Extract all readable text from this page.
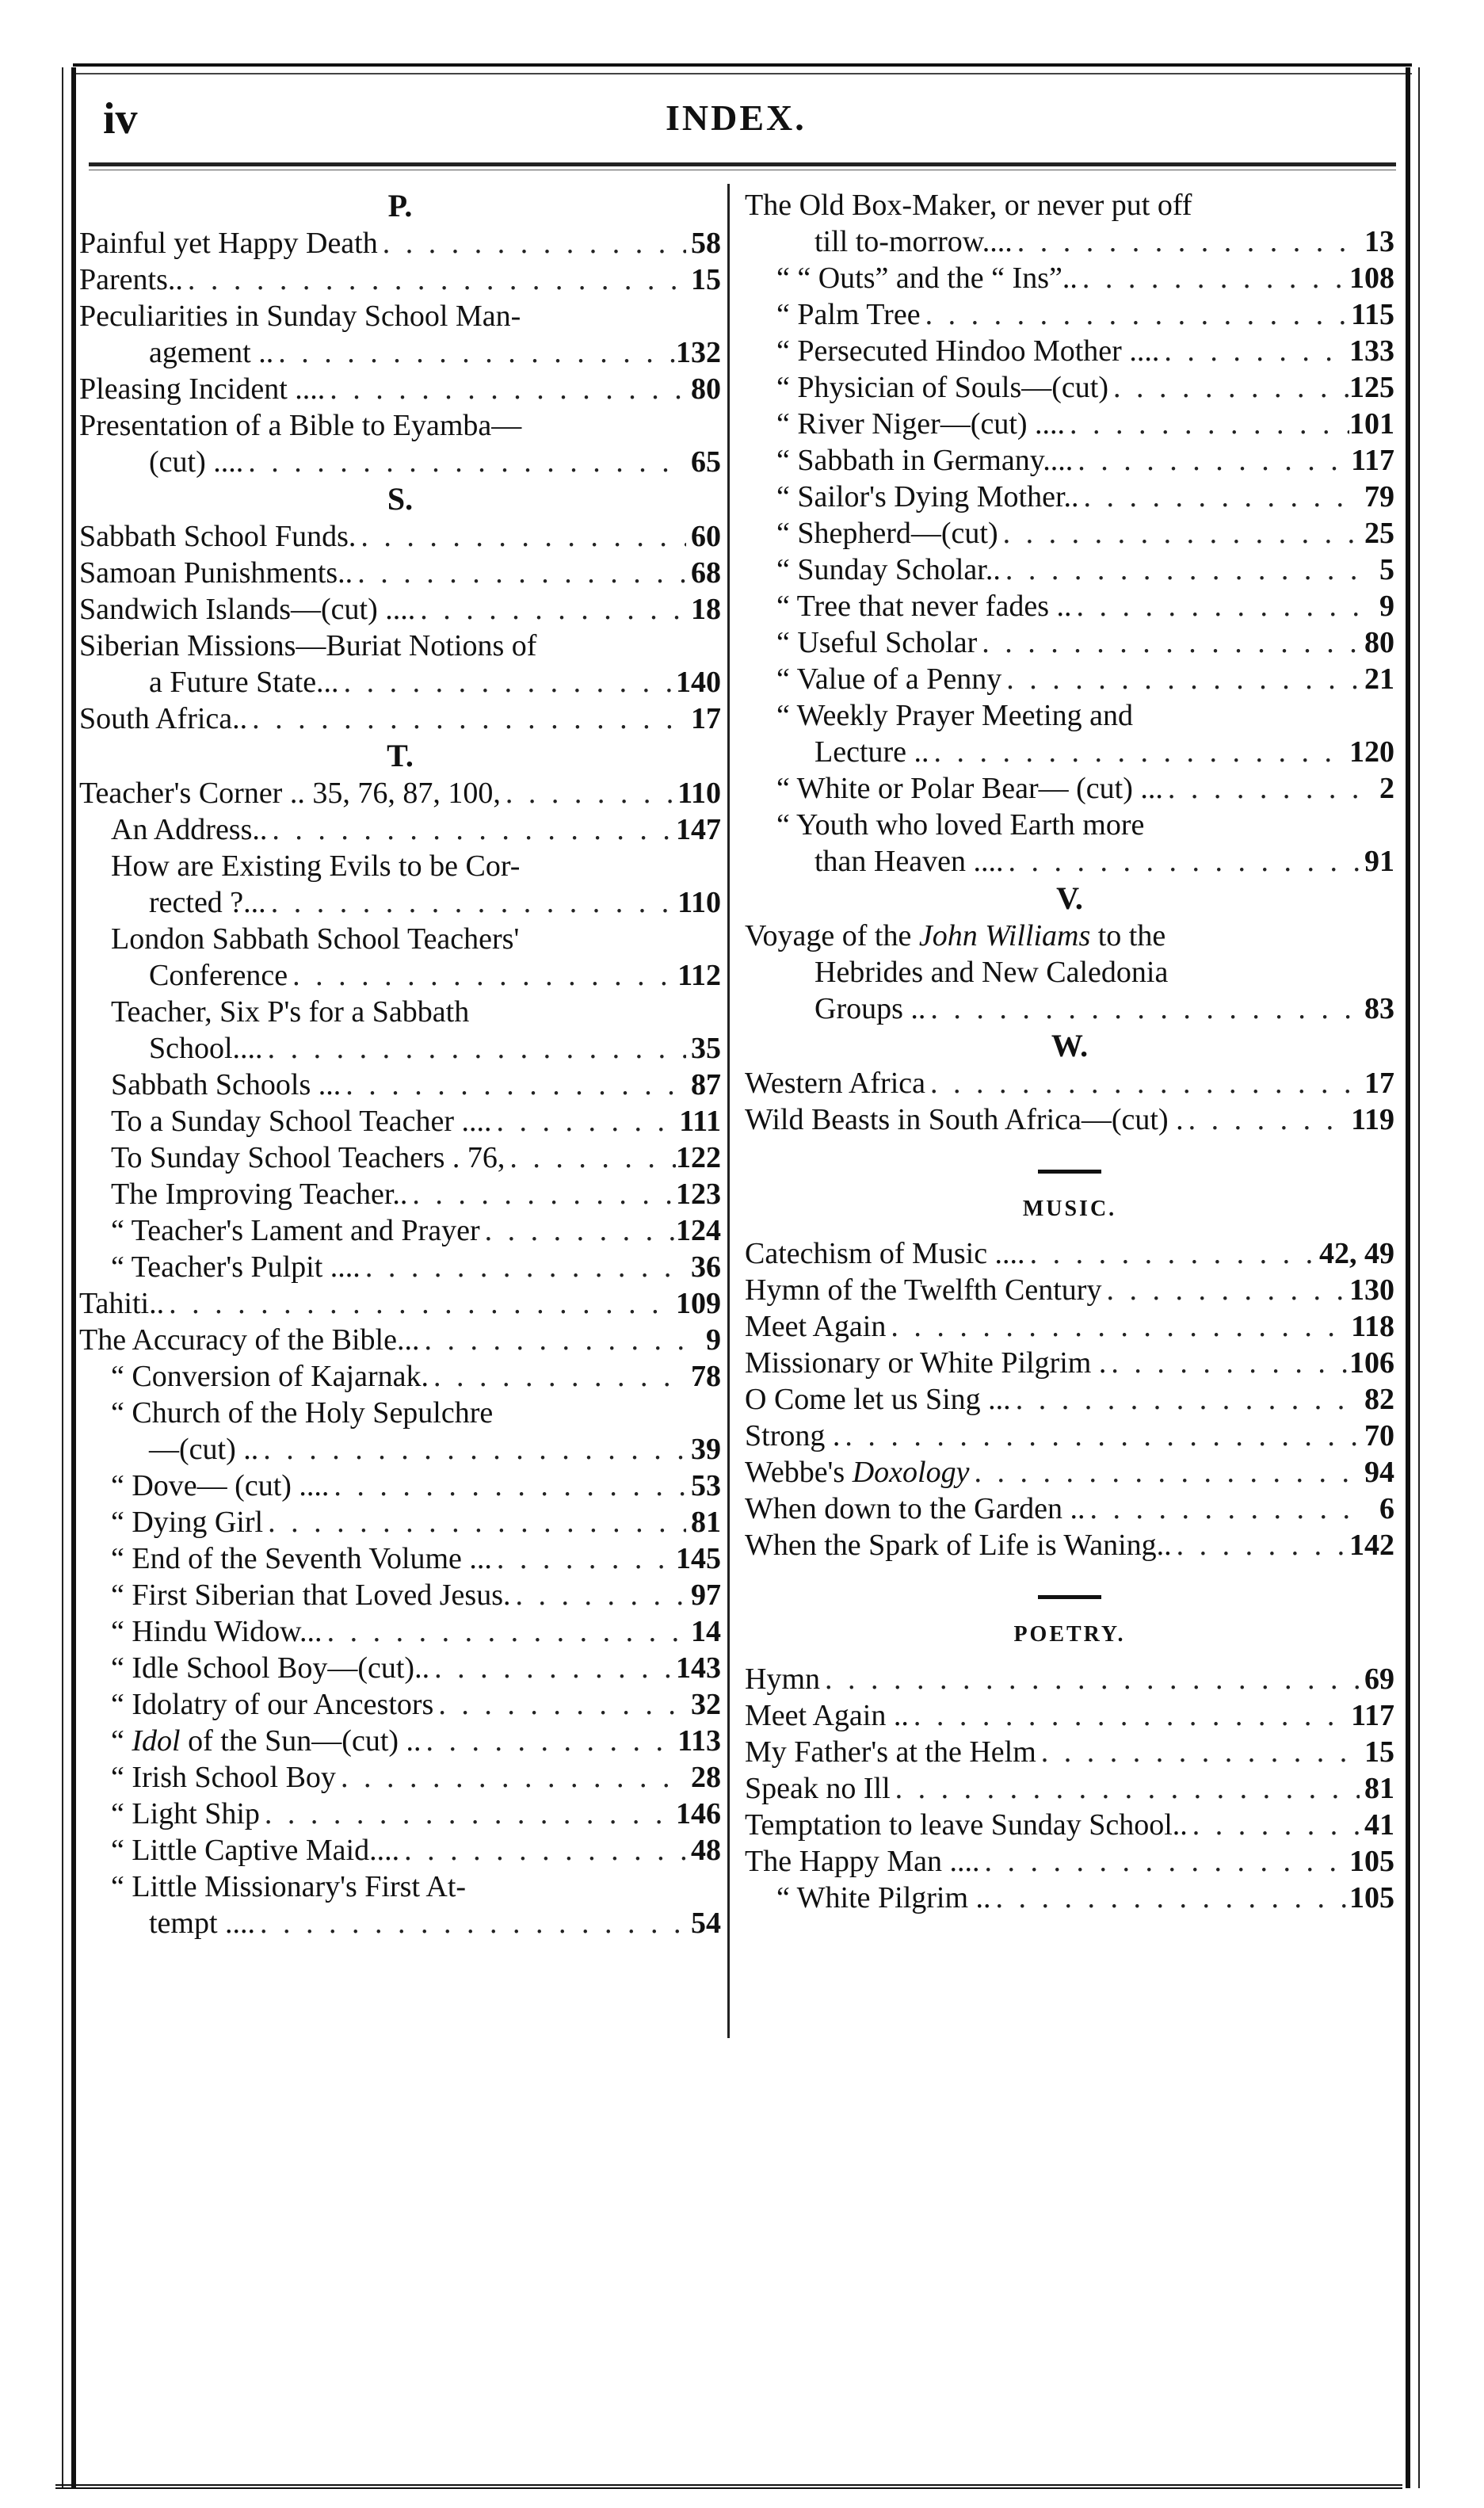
iv	INDEX.
P.
Painful yet Happy Death . . .	58
Parents.. . . .	15
Peculiarities in Sunday School Man-
agement .. . . .	132
Pleasing Incident .... . . .	80
Presentation of a Bible to Eyamba—
(cut) .... . . .	65
S.
Sabbath School Funds. . . .	60
Samoan Punishments.. . . .	68
Sandwich Islands—(cut) .... . . .	18
Siberian Missions—Buriat Notions of
a Future State... . . .	140
South Africa.. . . .	17
T.
Teacher's Corner .. 35, 76, 87, 100, . . .	110
An Address.. . . .	147
How are Existing Evils to be Cor-
rected ?... . . .	110
London Sabbath School Teachers'
Conference . . .	112
Teacher, Six P's for a Sabbath
School.... . . .	35
Sabbath Schools ... . . .	87
To a Sunday School Teacher .... . . .	111
To Sunday School Teachers . 76, . . .	122
The Improving Teacher.. . . .	123
“ Teacher's Lament and Prayer . . .	124
“ Teacher's Pulpit .... . . .	36
Tahiti.. . . .	109
The Accuracy of the Bible... . . .	9
“ Conversion of Kajarnak. . . .	78
“ Church of the Holy Sepulchre
—(cut) .. . . .	39
“ Dove— (cut) .... . . .	53
“ Dying Girl . . .	81
“ End of the Seventh Volume ... . . .	145
“ First Siberian that Loved Jesus. . . .	97
“ Hindu Widow... . . .	14
“ Idle School Boy—(cut).. . . .	143
“ Idolatry of our Ancestors . . .	32
“ Idol of the Sun—(cut) .. . . .	113
“ Irish School Boy . . .	28
“ Light Ship . . .	146
“ Little Captive Maid.... . . .	48
“ Little Missionary's First At-
tempt .... . . .	54
The Old Box-Maker, or never put off
till to-morrow.... . . .	13
“ “ Outs” and the “ Ins”.. . . .	108
“ Palm Tree . . .	115
“ Persecuted Hindoo Mother .... . . .	133
“ Physician of Souls—(cut) . . .	125
“ River Niger—(cut) .... . . .	101
“ Sabbath in Germany.... . . .	117
“ Sailor's Dying Mother.. . . .	79
“ Shepherd—(cut) . . .	25
“ Sunday Scholar.. . . .	5
“ Tree that never fades .. . . .	9
“ Useful Scholar . . .	80
“ Value of a Penny . . .	21
“ Weekly Prayer Meeting and
Lecture .. . . .	120
“ White or Polar Bear— (cut) ... . . .	2
“ Youth who loved Earth more
than Heaven .... . . .	91
V.
Voyage of the John Williams to the
Hebrides and New Caledonia
Groups .. . . .	83
W.
Western Africa . . .	17
Wild Beasts in South Africa—(cut) . . . .	119
MUSIC.
Catechism of Music .... . . .	42, 49
Hymn of the Twelfth Century . . .	130
Meet Again . . .	118
Missionary or White Pilgrim . . . .	106
O Come let us Sing ... . . .	82
Strong . . . .	70
Webbe's Doxology . . .	94
When down to the Garden .. . . .	6
When the Spark of Life is Waning.. . . .	142
POETRY.
Hymn . . .	69
Meet Again .. . . .	117
My Father's at the Helm . . .	15
Speak no Ill . . .	81
Temptation to leave Sunday School.. . . .	41
The Happy Man .... . . .	105
“ White Pilgrim .. . . .	105
